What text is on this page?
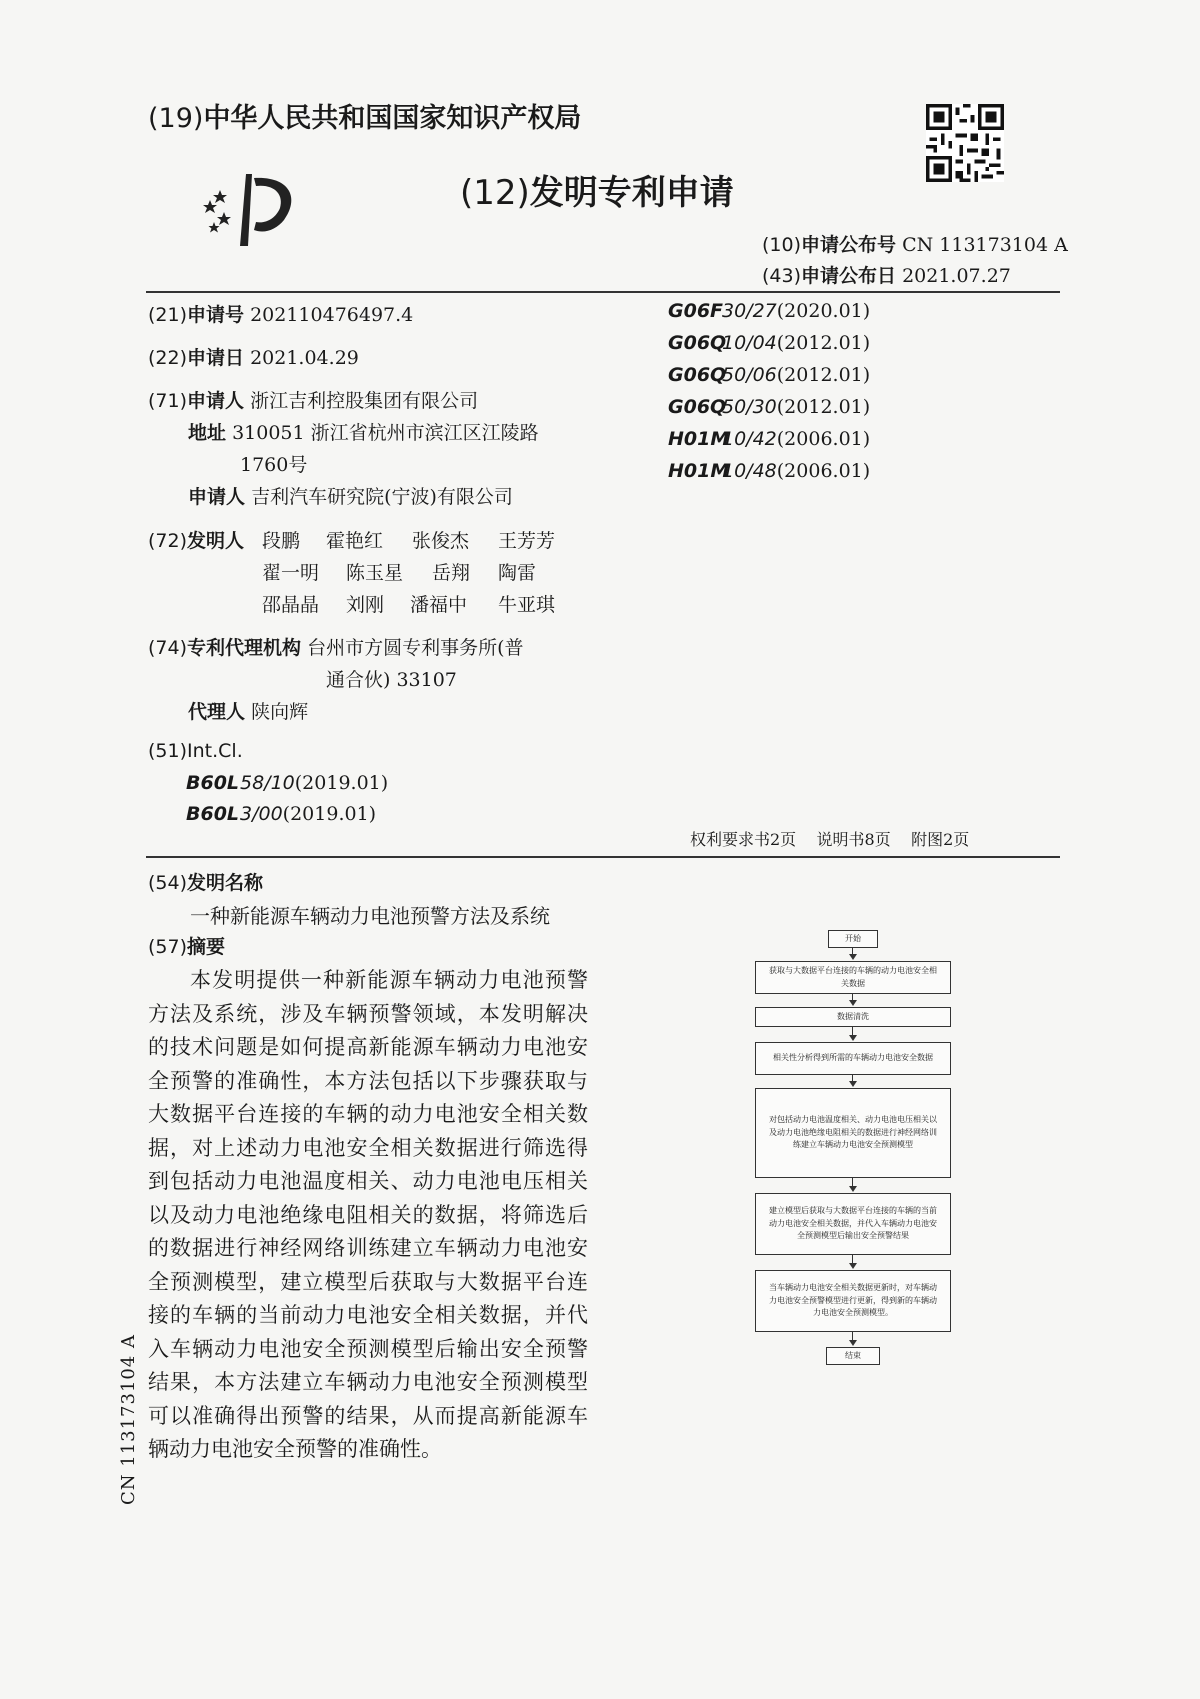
(19)中华人民共和国国家知识产权局
(12)发明专利申请
(10)申请公布号 CN 113173104 A
(43)申请公布日 2021.07.27
(21)申请号 202110476497.4
(22)申请日 2021.04.29
(71)申请人 浙江吉利控股集团有限公司
地址 310051 浙江省杭州市滨江区江陵路
1760号
申请人 吉利汽车研究院(宁波)有限公司
(72)发明人 段鹏 霍艳红 张俊杰 王芳芳
翟一明 陈玉星 岳翔 陶雷
邵晶晶 刘刚 潘福中 牛亚琪
(74)专利代理机构 台州市方圆专利事务所(普
通合伙) 33107
代理人 陕向辉
(51)Int.Cl.
B60L58/10(2019.01)
B60L3/00(2019.01)
G06F30/27(2020.01)
G06Q10/04(2012.01)
G06Q50/06(2012.01)
G06Q50/30(2012.01)
H01M10/42(2006.01)
H01M10/48(2006.01)
权利要求书2页 说明书8页 附图2页
(54)发明名称
一种新能源车辆动力电池预警方法及系统
(57)摘要
本发明提供一种新能源车辆动力电池预警方法及系统，涉及车辆预警领域，本发明解决的技术问题是如何提高新能源车辆动力电池安全预警的准确性，本方法包括以下步骤获取与大数据平台连接的车辆的动力电池安全相关数据，对上述动力电池安全相关数据进行筛选得到包括动力电池温度相关、动力电池电压相关以及动力电池绝缘电阻相关的数据，将筛选后的数据进行神经网络训练建立车辆动力电池安全预测模型，建立模型后获取与大数据平台连接的车辆的当前动力电池安全相关数据，并代入车辆动力电池安全预测模型后输出安全预警结果，本方法建立车辆动力电池安全预测模型可以准确得出预警的结果，从而提高新能源车辆动力电池安全预警的准确性。
CN 113173104 A
开始
获取与大数据平台连接的车辆的动力电池安全相关数据
数据清洗
相关性分析得到所需的车辆动力电池安全数据
对包括动力电池温度相关、动力电池电压相关以及动力电池绝缘电阻相关的数据进行神经网络训练建立车辆动力电池安全预测模型
建立模型后获取与大数据平台连接的车辆的当前动力电池安全相关数据，并代入车辆动力电池安全预测模型后输出安全预警结果
当车辆动力电池安全相关数据更新时，对车辆动力电池安全预警模型进行更新，得到新的车辆动力电池安全预测模型。
结束
